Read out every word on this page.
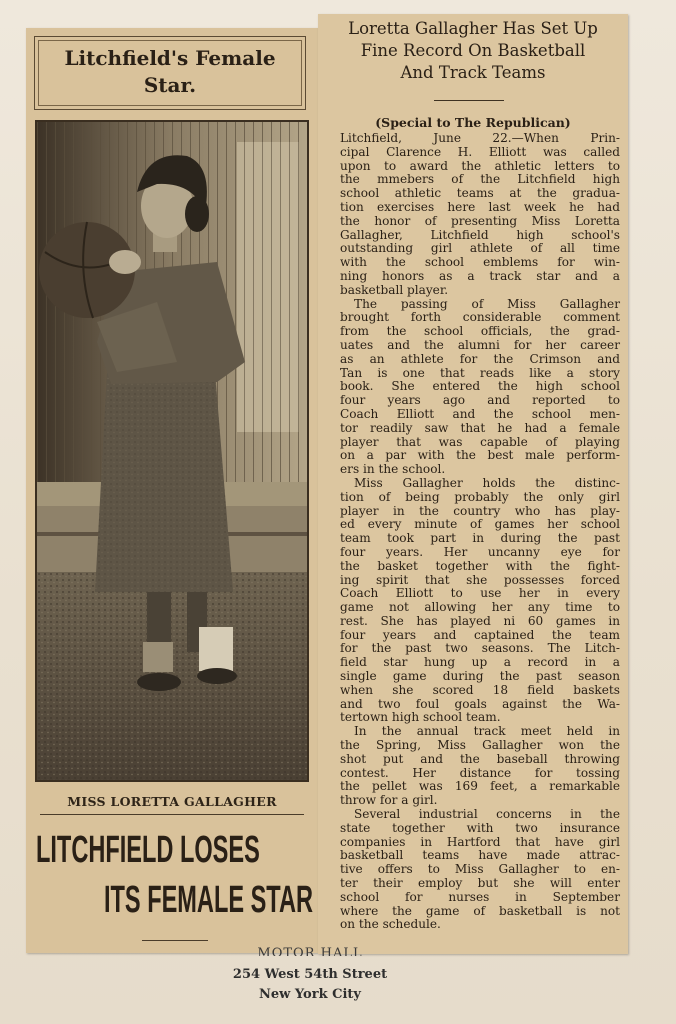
Litchfield's Female
Star.
MISS LORETTA GALLAGHER
LITCHFIELD LOSES
ITS FEMALE STAR
Loretta Gallagher Has Set Up
Fine Record On Basketball
And Track Teams
(Special to The Republican)
Litchfield, June 22.—When Prin-
cipal Clarence H. Elliott was called
upon to award the athletic letters to
the mmebers of the Litchfield high
school athletic teams at the gradua-
tion exercises here last week he had
the honor of presenting Miss Loretta
Gallagher, Litchfield high school's
outstanding girl athlete of all time
with the school emblems for win-
ning honors as a track star and a
basketball player.
The passing of Miss Gallagher
brought forth considerable comment
from the school officials, the grad-
uates and the alumni for her career
as an athlete for the Crimson and
Tan is one that reads like a story
book. She entered the high school
four years ago and reported to
Coach Elliott and the school men-
tor readily saw that he had a female
player that was capable of playing
on a par with the best male perform-
ers in the school.
Miss Gallagher holds the distinc-
tion of being probably the only girl
player in the country who has play-
ed every minute of games her school
team took part in during the past
four years. Her uncanny eye for
the basket together with the fight-
ing spirit that she possesses forced
Coach Elliott to use her in every
game not allowing her any time to
rest. She has played ni 60 games in
four years and captained the team
for the past two seasons. The Litch-
field star hung up a record in a
single game during the past season
when she scored 18 field baskets
and two foul goals against the Wa-
tertown high school team.
In the annual track meet held in
the Spring, Miss Gallagher won the
shot put and the baseball throwing
contest. Her distance for tossing
the pellet was 169 feet, a remarkable
throw for a girl.
Several industrial concerns in the
state together with two insurance
companies in Hartford that have girl
basketball teams have made attrac-
tive offers to Miss Gallagher to en-
ter their employ but she will enter
school for nurses in September
where the game of basketball is not
on the schedule.
MOTOR HALL
254 West 54th Street
New York City
